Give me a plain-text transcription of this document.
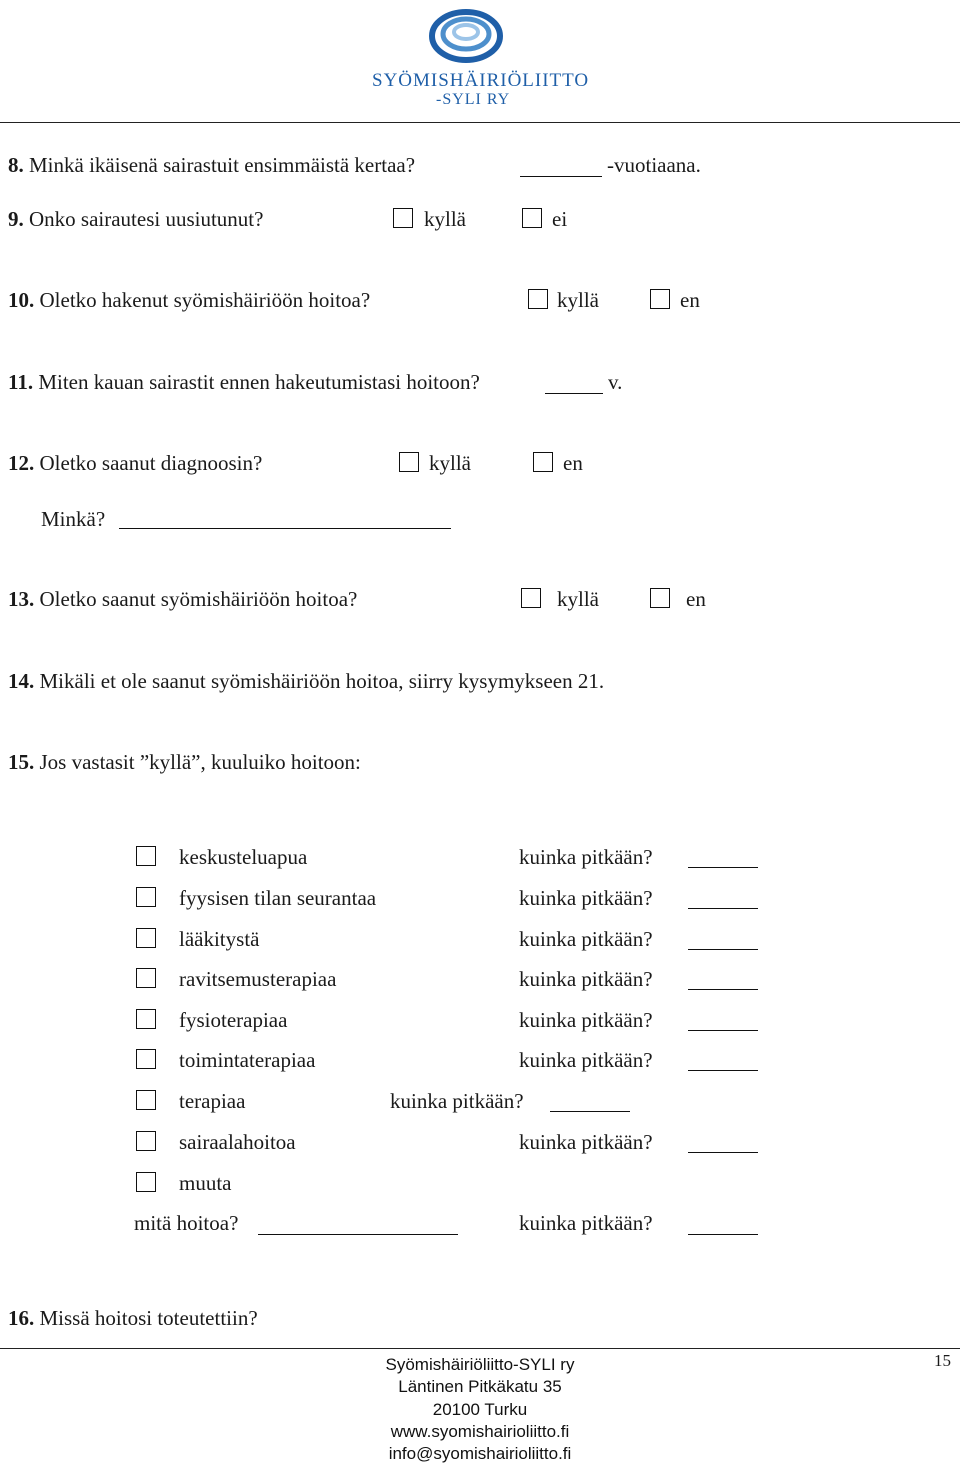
SYÖMISHÄIRIÖLIITTO
-SYLI RY
8. Minkä ikäisenä sairastuit ensimmäistä kertaa?	-vuotiaana.
9. Onko sairautesi uusiutunut?	kyllä	ei
10. Oletko hakenut syömishäiriöön hoitoa?	kyllä	en
11. Miten kauan sairastit ennen hakeutumistasi hoitoon?	v.
12. Oletko saanut diagnoosin?	kyllä	en
Minkä?
13. Oletko saanut syömishäiriöön hoitoa?	kyllä	en
14. Mikäli et ole saanut syömishäiriöön hoitoa, siirry kysymykseen 21.
15. Jos vastasit ”kyllä”, kuuluiko hoitoon:
keskusteluapua	kuinka pitkään?
fyysisen tilan seurantaa	kuinka pitkään?
lääkitystä	kuinka pitkään?
ravitsemusterapiaa	kuinka pitkään?
fysioterapiaa	kuinka pitkään?
toimintaterapiaa	kuinka pitkään?
terapiaa	kuinka pitkään?
sairaalahoitoa	kuinka pitkään?
muuta
mitä hoitoa?	kuinka pitkään?
16. Missä hoitosi toteutettiin?
15
Syömishäiriöliitto-SYLI ry
Läntinen Pitkäkatu 35
20100 Turku
www.syomishairioliitto.fi
info@syomishairioliitto.fi
